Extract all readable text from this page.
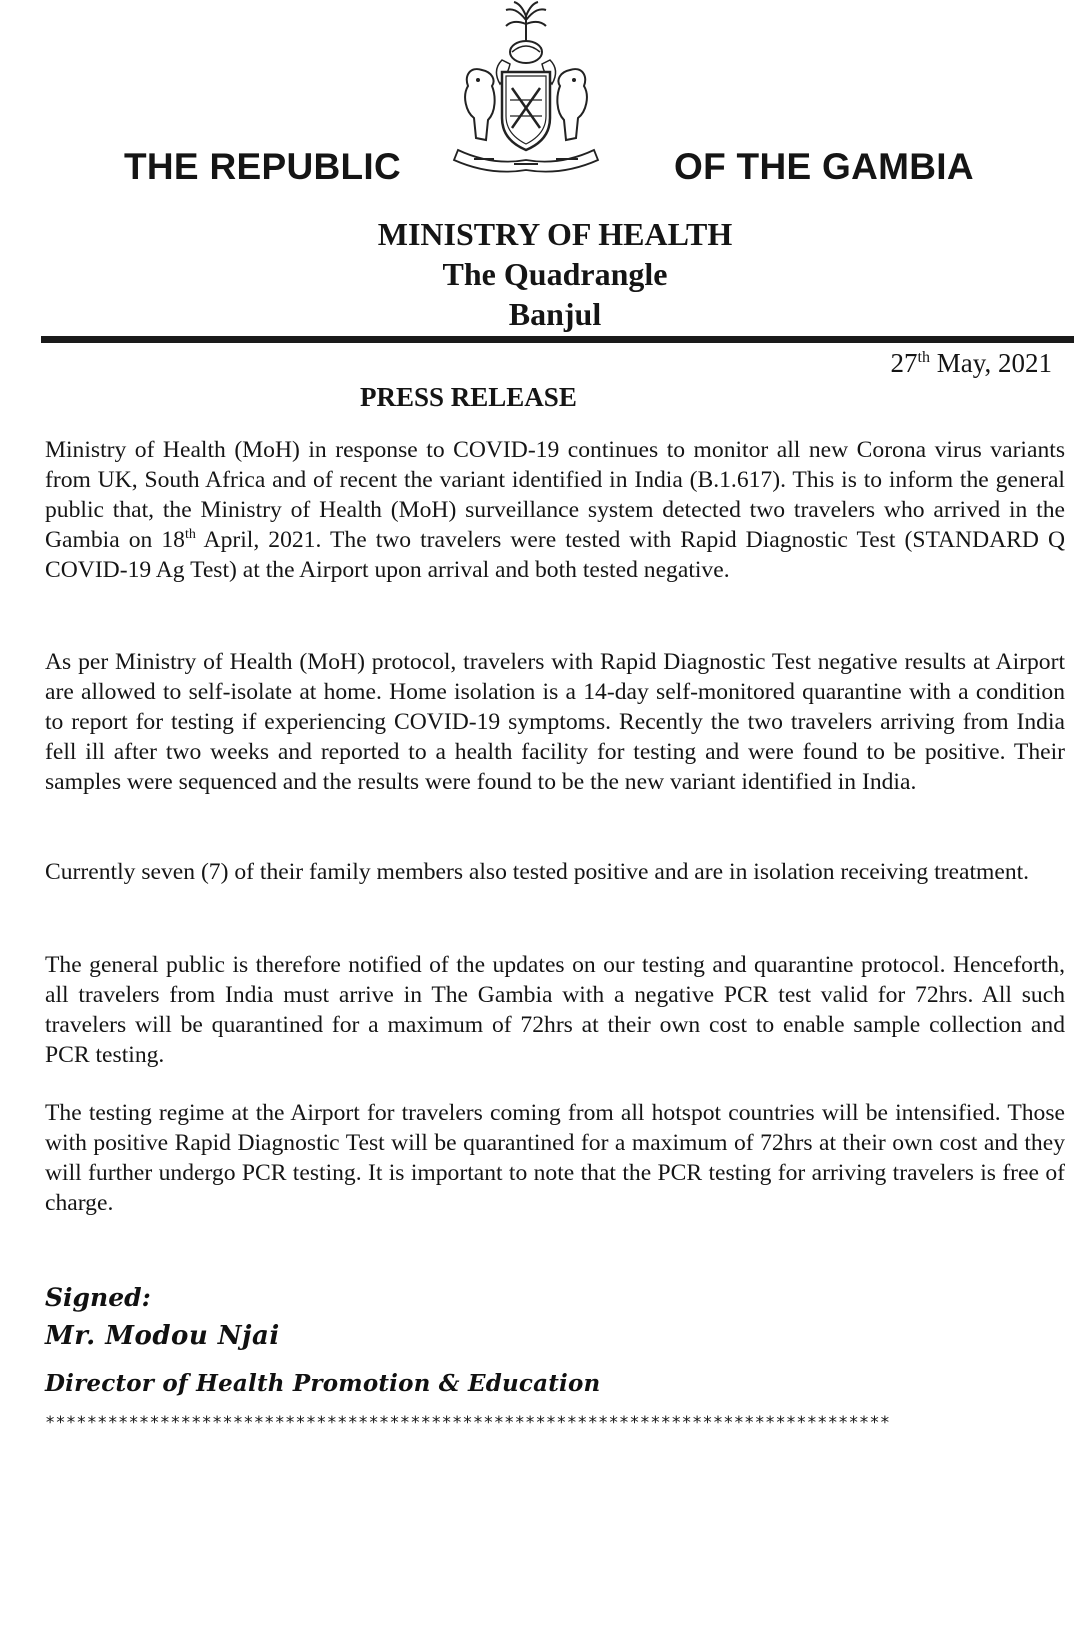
THE REPUBLIC	OF THE GAMBIA
MINISTRY OF HEALTH
The Quadrangle
Banjul
27th May, 2021
PRESS RELEASE

Ministry of Health (MoH) in response to COVID-19 continues to monitor all new Corona virus variants from UK, South Africa and of recent the variant identified in India (B.1.617). This is to inform the general public that, the Ministry of Health (MoH) surveillance system detected two travelers who arrived in the Gambia on 18th April, 2021. The two travelers were tested with Rapid Diagnostic Test (STANDARD Q COVID-19 Ag Test) at the Airport upon arrival and both tested negative.

As per Ministry of Health (MoH) protocol, travelers with Rapid Diagnostic Test negative results at Airport are allowed to self-isolate at home. Home isolation is a 14-day self-monitored quarantine with a condition to report for testing if experiencing COVID-19 symptoms. Recently the two travelers arriving from India fell ill after two weeks and reported to a health facility for testing and were found to be positive. Their samples were sequenced and the results were found to be the new variant identified in India.

Currently seven (7) of their family members also tested positive and are in isolation receiving treatment.

The general public is therefore notified of the updates on our testing and quarantine protocol. Henceforth, all travelers from India must arrive in The Gambia with a negative PCR test valid for 72hrs. All such travelers will be quarantined for a maximum of 72hrs at their own cost to enable sample collection and PCR testing.

The testing regime at the Airport for travelers coming from all hotspot countries will be intensified. Those with positive Rapid Diagnostic Test will be quarantined for a maximum of 72hrs at their own cost and they will further undergo PCR testing. It is important to note that the PCR testing for arriving travelers is free of charge.

Signed:
Mr. Modou Njai
Director of Health Promotion & Education
*********************************************************************************
